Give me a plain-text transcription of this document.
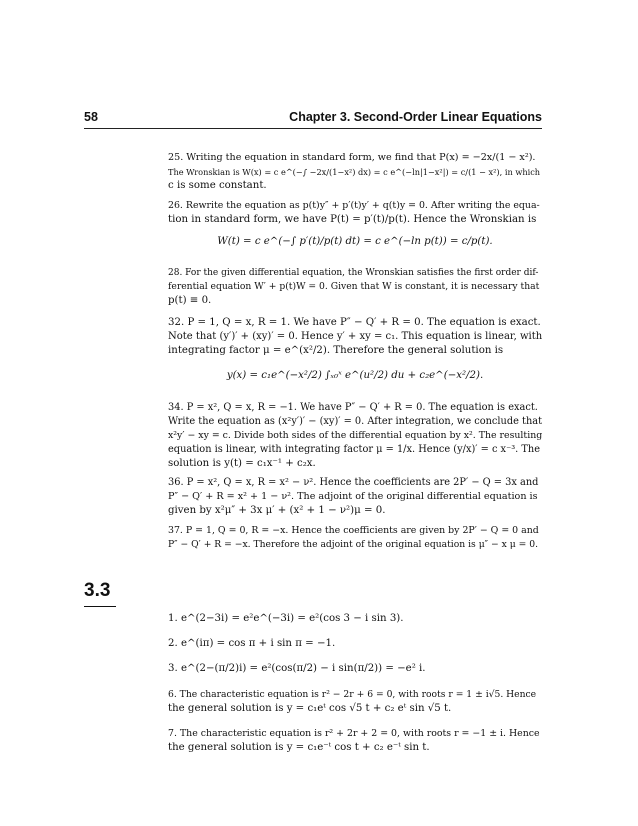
58	Chapter 3. Second-Order Linear Equations
25. Writing the equation in standard form, we find that P(x) = −2x/(1 − x²).
The Wronskian is W(x) = c e^(−∫ −2x/(1−x²) dx) = c e^(−ln|1−x²|) = c/(1 − x²), in which
c is some constant.
26. Rewrite the equation as p(t)y″ + p′(t)y′ + q(t)y = 0. After writing the equa-
tion in standard form, we have P(t) = p′(t)/p(t). Hence the Wronskian is
W(t) = c e^(−∫ p′(t)/p(t) dt) = c e^(−ln p(t)) = c/p(t).
28. For the given differential equation, the Wronskian satisfies the first order dif-
ferential equation W′ + p(t)W = 0. Given that W is constant, it is necessary that
p(t) ≡ 0.
32. P = 1, Q = x, R = 1. We have P″ − Q′ + R = 0. The equation is exact.
Note that (y′)′ + (xy)′ = 0. Hence y′ + xy = c₁. This equation is linear, with
integrating factor μ = e^(x²/2). Therefore the general solution is
y(x) = c₁e^(−x²/2) ∫ₓ₀ˣ e^(u²/2) du + c₂e^(−x²/2).
34. P = x², Q = x, R = −1. We have P″ − Q′ + R = 0. The equation is exact.
Write the equation as (x²y′)′ − (xy)′ = 0. After integration, we conclude that
x²y′ − xy = c. Divide both sides of the differential equation by x². The resulting
equation is linear, with integrating factor μ = 1/x. Hence (y/x)′ = c x⁻³. The
solution is y(t) = c₁x⁻¹ + c₂x.
36. P = x², Q = x, R = x² − ν². Hence the coefficients are 2P′ − Q = 3x and
P″ − Q′ + R = x² + 1 − ν². The adjoint of the original differential equation is
given by x²μ″ + 3x μ′ + (x² + 1 − ν²)μ = 0.
37. P = 1, Q = 0, R = −x. Hence the coefficients are given by 2P′ − Q = 0 and
P″ − Q′ + R = −x. Therefore the adjoint of the original equation is μ″ − x μ = 0.
3.3
1. e^(2−3i) = e²e^(−3i) = e²(cos 3 − i sin 3).
2. e^(iπ) = cos π + i sin π = −1.
3. e^(2−(π/2)i) = e²(cos(π/2) − i sin(π/2)) = −e² i.
6. The characteristic equation is r² − 2r + 6 = 0, with roots r = 1 ± i√5. Hence
the general solution is y = c₁eᵗ cos √5 t + c₂ eᵗ sin √5 t.
7. The characteristic equation is r² + 2r + 2 = 0, with roots r = −1 ± i. Hence
the general solution is y = c₁e⁻ᵗ cos t + c₂ e⁻ᵗ sin t.
